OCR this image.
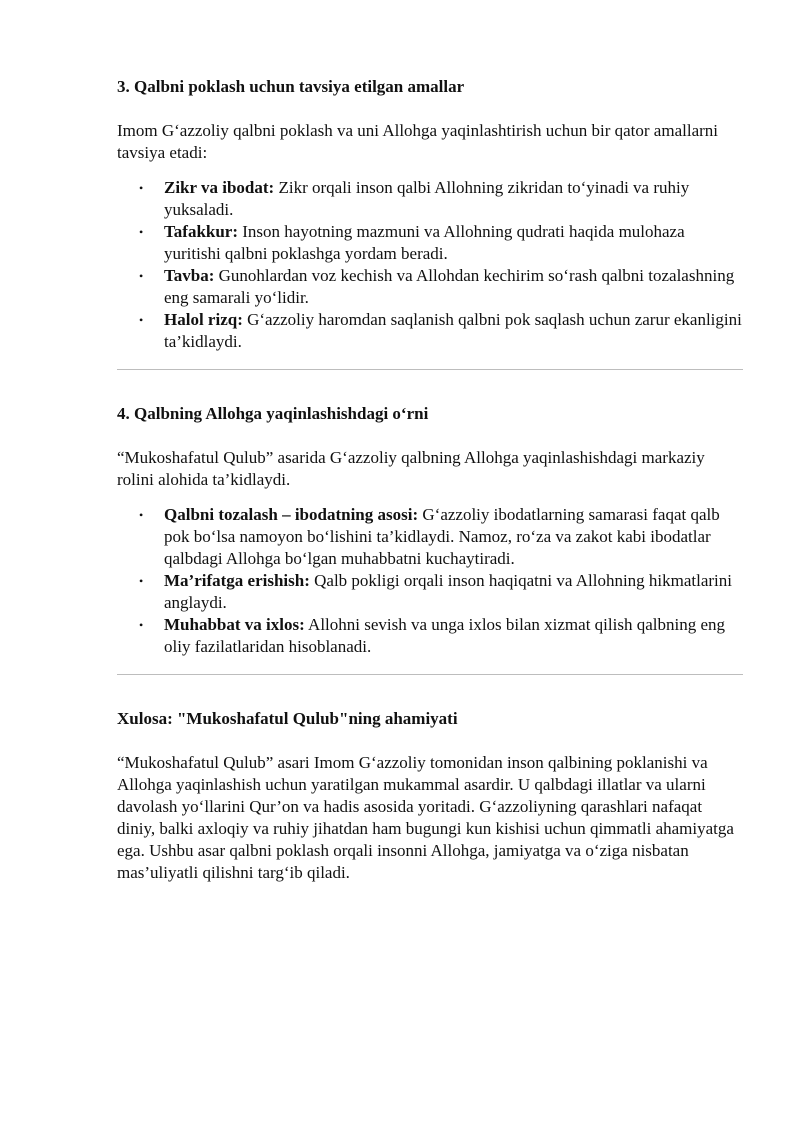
3. Qalbni poklash uchun tavsiya etilgan amallar

Imom G‘azzoliy qalbni poklash va uni Allohga yaqinlashtirish uchun bir qator amallarni tavsiya etadi:

• Zikr va ibodat: Zikr orqali inson qalbi Allohning zikridan to‘yinadi va ruhiy yuksaladi.
• Tafakkur: Inson hayotning mazmuni va Allohning qudrati haqida mulohaza yuritishi qalbni poklashga yordam beradi.
• Tavba: Gunohlardan voz kechish va Allohdan kechirim so‘rash qalbni tozalashning eng samarali yo‘lidir.
• Halol rizq: G‘azzoliy haromdan saqlanish qalbni pok saqlash uchun zarur ekanligini ta’kidlaydi.
4. Qalbning Allohga yaqinlashishdagi o‘rni

“Mukoshafatul Qulub” asarida G‘azzoliy qalbning Allohga yaqinlashishdagi markaziy rolini alohida ta’kidlaydi.

• Qalbni tozalash – ibodatning asosi: G‘azzoliy ibodatlarning samarasi faqat qalb pok bo‘lsa namoyon bo‘lishini ta’kidlaydi. Namoz, ro‘za va zakot kabi ibodatlar qalbdagi Allohga bo‘lgan muhabbatni kuchaytiradi.
• Ma’rifatga erishish: Qalb pokligi orqali inson haqiqatni va Allohning hikmatlarini anglaydi.
• Muhabbat va ixlos: Allohni sevish va unga ixlos bilan xizmat qilish qalbning eng oliy fazilatlaridan hisoblanadi.
Xulosa: "Mukoshafatul Qulub"ning ahamiyati

“Mukoshafatul Qulub” asari Imom G‘azzoliy tomonidan inson qalbining poklanishi va Allohga yaqinlashish uchun yaratilgan mukammal asardir. U qalbdagi illatlar va ularni davolash yo‘llarini Qur’on va hadis asosida yoritadi. G‘azzoliyning qarashlari nafaqat diniy, balki axloqiy va ruhiy jihatdan ham bugungi kun kishisi uchun qimmatli ahamiyatga ega. Ushbu asar qalbni poklash orqali insonni Allohga, jamiyatga va o‘ziga nisbatan mas’uliyatli qilishni targ‘ib qiladi.
